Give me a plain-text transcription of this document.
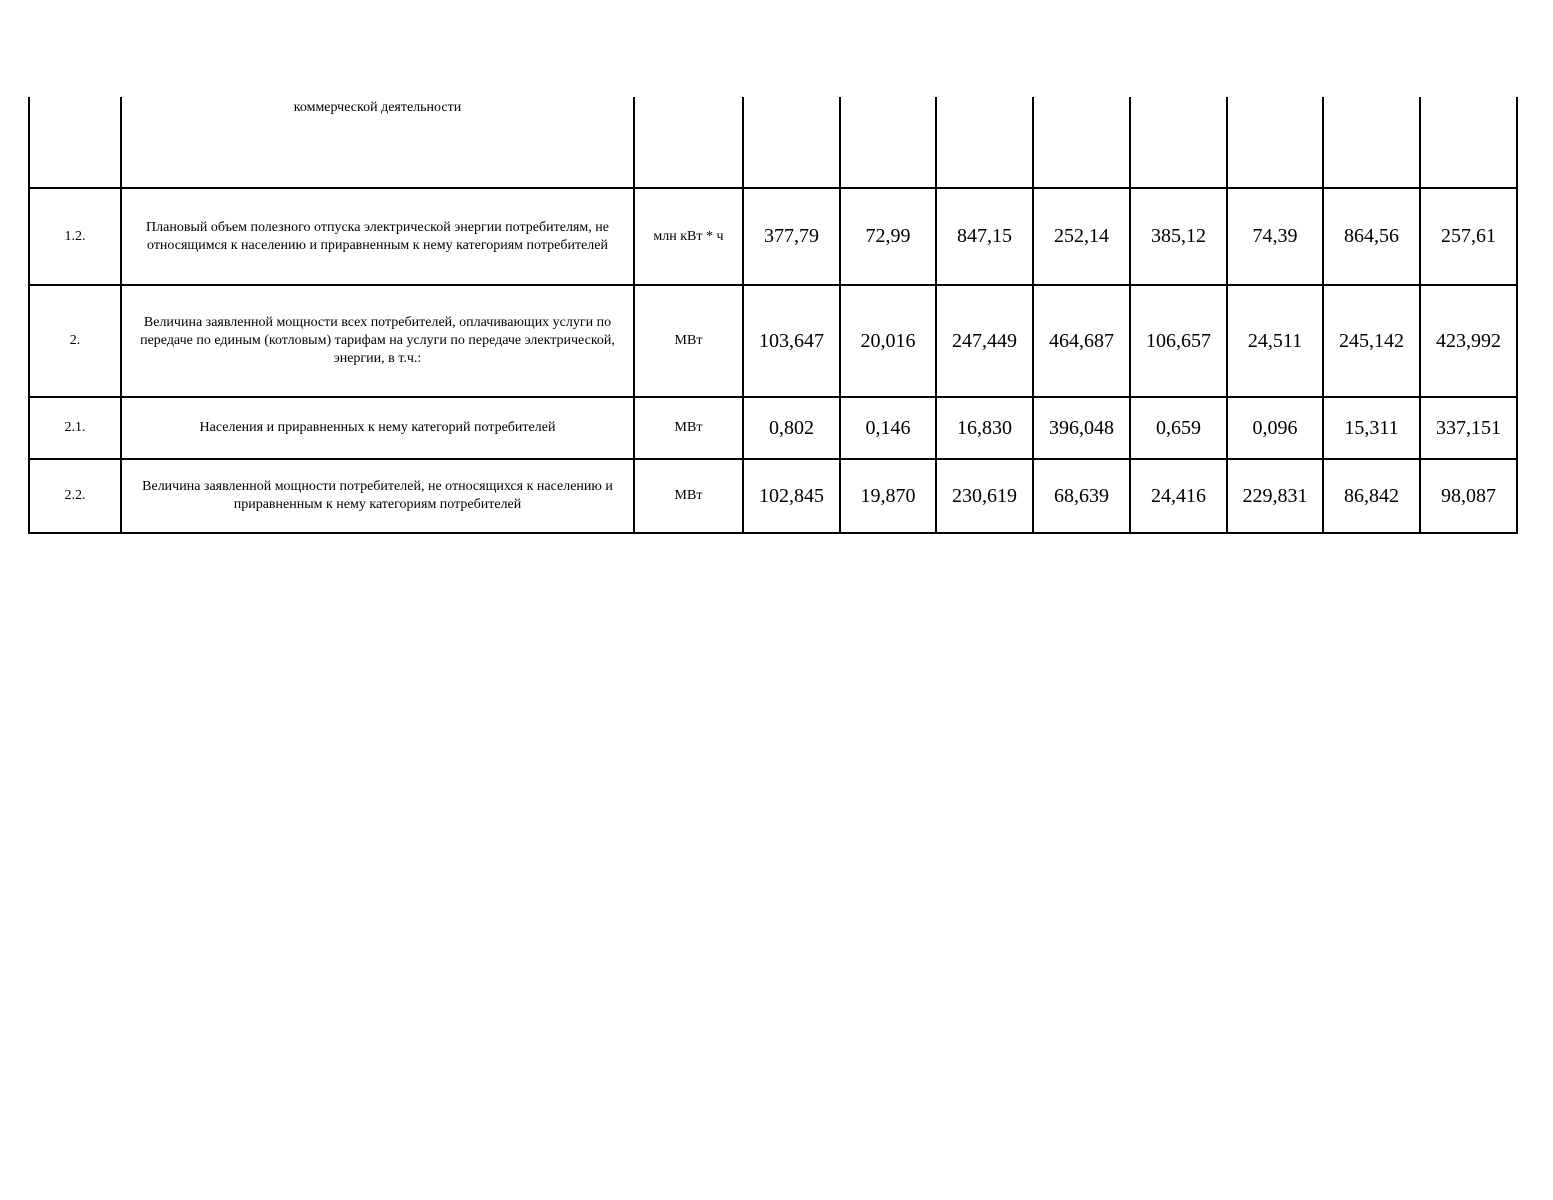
	коммерческой деятельности									

1.2.	Плановый объем полезного отпуска электрической энергии потребителям, не относящимся к населению и приравненным к нему категориям потребителей	млн кВт * ч	377,79	72,99	847,15	252,14	385,12	74,39	864,56	257,61
2.	Величина заявленной мощности всех потребителей, оплачивающих услуги по передаче по единым (котловым) тарифам на услуги по передаче электрической, энергии, в т.ч.:	МВт	103,647	20,016	247,449	464,687	106,657	24,511	245,142	423,992
2.1.	Населения и приравненных к нему категорий потребителей	МВт	0,802	0,146	16,830	396,048	0,659	0,096	15,311	337,151
2.2.	Величина заявленной мощности потребителей, не относящихся к населению и приравненным к нему категориям потребителей	МВт	102,845	19,870	230,619	68,639	24,416	229,831	86,842	98,087
